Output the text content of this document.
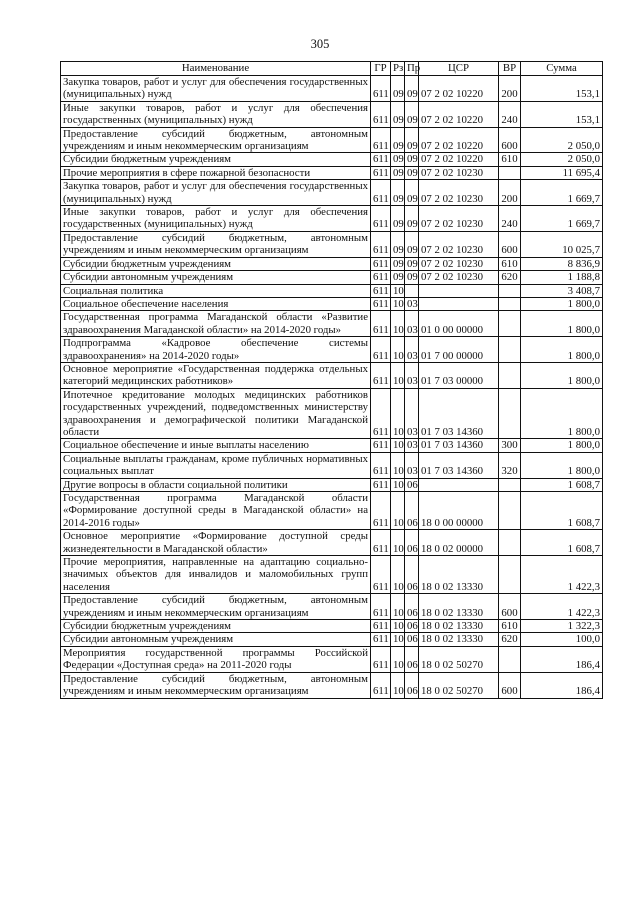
305
Наименование	ГР	Рз	Пр	ЦСР	ВР	Сумма
Закупка товаров, работ и услуг для обеспечения государственных (муниципальных) нужд	611	09	09	07 2 02 10220	200	153,1
Иные закупки товаров, работ и услуг для обеспечения государственных (муниципальных) нужд	611	09	09	07 2 02 10220	240	153,1
Предоставление субсидий бюджетным, автономным учреждениям и иным некоммерческим организациям	611	09	09	07 2 02 10220	600	2 050,0
Субсидии бюджетным учреждениям	611	09	09	07 2 02 10220	610	2 050,0
Прочие мероприятия в сфере пожарной безопасности	611	09	09	07 2 02 10230		11 695,4
Закупка товаров, работ и услуг для обеспечения государственных (муниципальных) нужд	611	09	09	07 2 02 10230	200	1 669,7
Иные закупки товаров, работ и услуг для обеспечения государственных (муниципальных) нужд	611	09	09	07 2 02 10230	240	1 669,7
Предоставление субсидий бюджетным, автономным учреждениям и иным некоммерческим организациям	611	09	09	07 2 02 10230	600	10 025,7
Субсидии бюджетным учреждениям	611	09	09	07 2 02 10230	610	8 836,9
Субсидии автономным учреждениям	611	09	09	07 2 02 10230	620	1 188,8
Социальная политика	611	10				3 408,7
Социальное обеспечение населения	611	10	03			1 800,0
Государственная программа Магаданской области «Развитие здравоохранения Магаданской области» на 2014-2020 годы»	611	10	03	01 0 00 00000		1 800,0
Подпрограмма «Кадровое обеспечение системы здравоохранения» на 2014-2020 годы»	611	10	03	01 7 00 00000		1 800,0
Основное мероприятие «Государственная поддержка отдельных категорий медицинских работников»	611	10	03	01 7 03 00000		1 800,0
Ипотечное кредитование молодых медицинских работников государственных учреждений, подведомственных министерству здравоохранения и демографической политики Магаданской области	611	10	03	01 7 03 14360		1 800,0
Социальное обеспечение и иные выплаты населению	611	10	03	01 7 03 14360	300	1 800,0
Социальные выплаты гражданам, кроме публичных нормативных социальных выплат	611	10	03	01 7 03 14360	320	1 800,0
Другие вопросы в области социальной политики	611	10	06			1 608,7
Государственная программа Магаданской области «Формирование доступной среды в Магаданской области» на 2014-2016 годы»	611	10	06	18 0 00 00000		1 608,7
Основное мероприятие «Формирование доступной среды жизнедеятельности в Магаданской области»	611	10	06	18 0 02 00000		1 608,7
Прочие мероприятия, направленные на адаптацию социально-значимых объектов для инвалидов и маломобильных групп населения	611	10	06	18 0 02 13330		1 422,3
Предоставление субсидий бюджетным, автономным учреждениям и иным некоммерческим организациям	611	10	06	18 0 02 13330	600	1 422,3
Субсидии бюджетным учреждениям	611	10	06	18 0 02 13330	610	1 322,3
Субсидии автономным учреждениям	611	10	06	18 0 02 13330	620	100,0
Мероприятия государственной программы Российской Федерации «Доступная среда» на 2011-2020 годы	611	10	06	18 0 02 50270		186,4
Предоставление субсидий бюджетным, автономным учреждениям и иным некоммерческим организациям	611	10	06	18 0 02 50270	600	186,4
